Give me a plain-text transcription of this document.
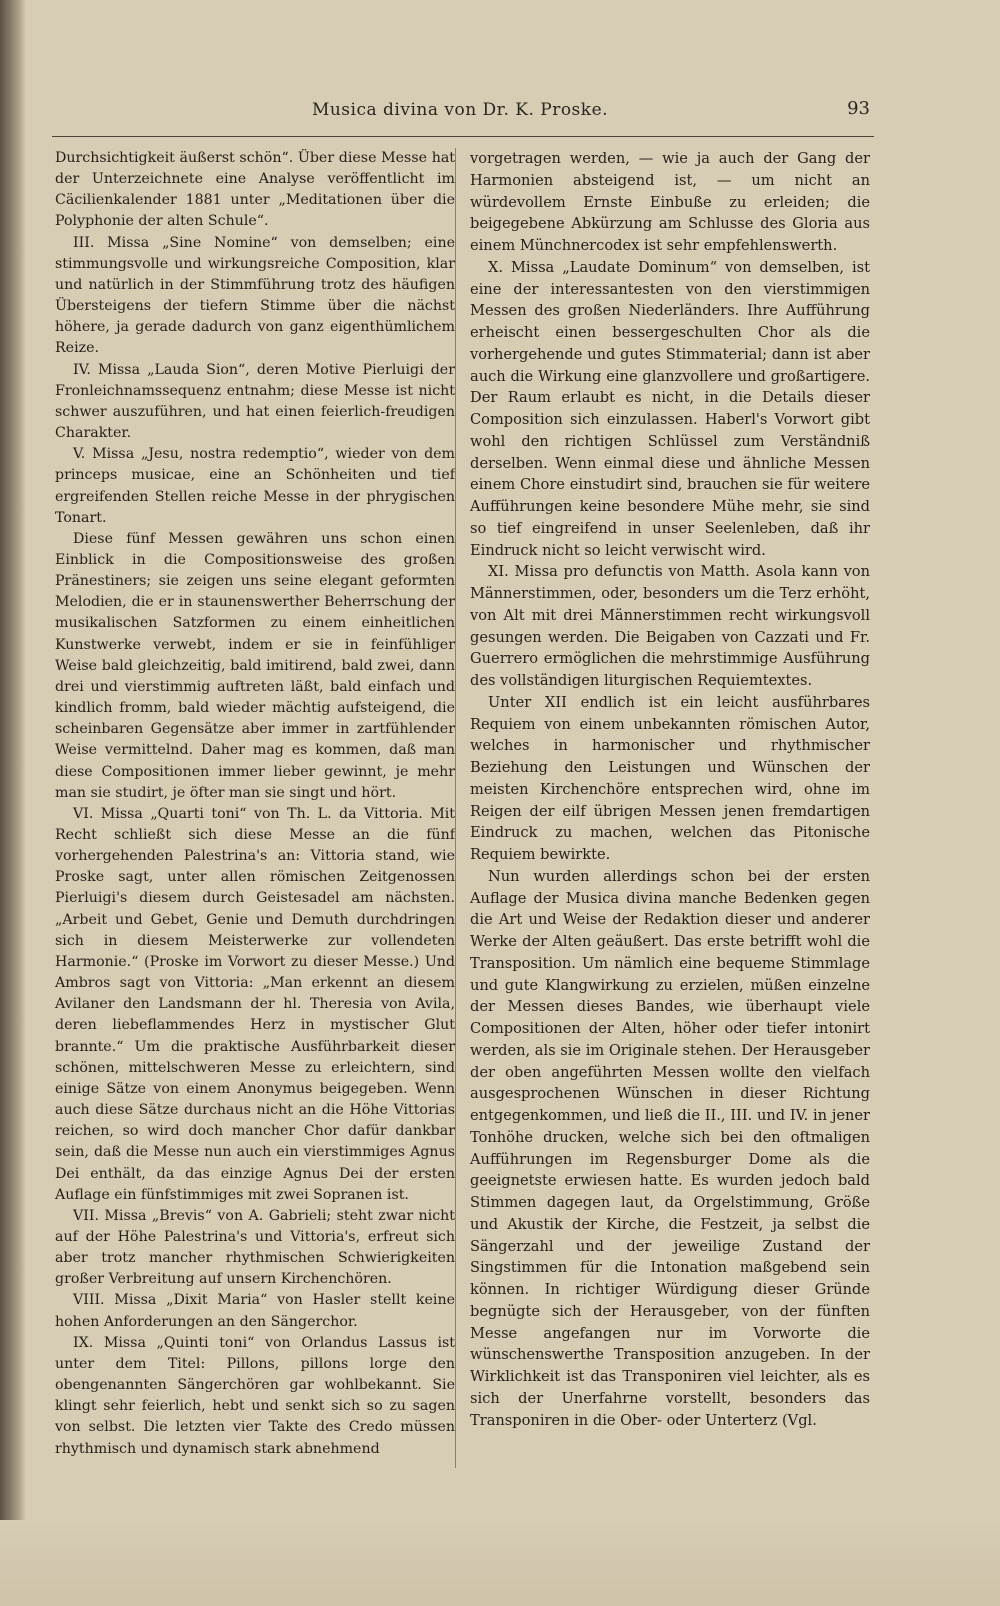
Musica divina von Dr. K. Proske.	93

Durchsichtigkeit äußerst schön“. Über diese Messe hat der Unterzeichnete eine Analyse veröffentlicht im Cäcilienkalender 1881 unter „Meditationen über die Polyphonie der alten Schule“.

III. Missa „Sine Nomine“ von demselben; eine stimmungsvolle und wirkungsreiche Composition, klar und natürlich in der Stimmführung trotz des häufigen Übersteigens der tiefern Stimme über die nächst höhere, ja gerade dadurch von ganz eigenthümlichem Reize.

IV. Missa „Lauda Sion“, deren Motive Pierluigi der Fronleichnamssequenz entnahm; diese Messe ist nicht schwer auszuführen, und hat einen feierlich-freudigen Charakter.

V. Missa „Jesu, nostra redemptio“, wieder von dem princeps musicae, eine an Schönheiten und tief ergreifenden Stellen reiche Messe in der phrygischen Tonart.

Diese fünf Messen gewähren uns schon einen Einblick in die Compositionsweise des großen Pränestiners; sie zeigen uns seine elegant geformten Melodien, die er in staunenswerther Beherrschung der musikalischen Satzformen zu einem einheitlichen Kunstwerke verwebt, indem er sie in feinfühliger Weise bald gleichzeitig, bald imitirend, bald zwei, dann drei und vierstimmig auftreten läßt, bald einfach und kindlich fromm, bald wieder mächtig aufsteigend, die scheinbaren Gegensätze aber immer in zartfühlender Weise vermittelnd. Daher mag es kommen, daß man diese Compositionen immer lieber gewinnt, je mehr man sie studirt, je öfter man sie singt und hört.

VI. Missa „Quarti toni“ von Th. L. da Vittoria. Mit Recht schließt sich diese Messe an die fünf vorhergehenden Palestrina's an: Vittoria stand, wie Proske sagt, unter allen römischen Zeitgenossen Pierluigi's diesem durch Geistesadel am nächsten. „Arbeit und Gebet, Genie und Demuth durchdringen sich in diesem Meisterwerke zur vollendeten Harmonie.“ (Proske im Vorwort zu dieser Messe.) Und Ambros sagt von Vittoria: „Man erkennt an diesem Avilaner den Landsmann der hl. Theresia von Avila, deren liebeflammendes Herz in mystischer Glut brannte.“ Um die praktische Ausführbarkeit dieser schönen, mittelschweren Messe zu erleichtern, sind einige Sätze von einem Anonymus beigegeben. Wenn auch diese Sätze durchaus nicht an die Höhe Vittorias reichen, so wird doch mancher Chor dafür dankbar sein, daß die Messe nun auch ein vierstimmiges Agnus Dei enthält, da das einzige Agnus Dei der ersten Auflage ein fünfstimmiges mit zwei Sopranen ist.

VII. Missa „Brevis“ von A. Gabrieli; steht zwar nicht auf der Höhe Palestrina's und Vittoria's, erfreut sich aber trotz mancher rhythmischen Schwierigkeiten großer Verbreitung auf unsern Kirchenchören.

VIII. Missa „Dixit Maria“ von Hasler stellt keine hohen Anforderungen an den Sängerchor.

IX. Missa „Quinti toni“ von Orlandus Lassus ist unter dem Titel: Pillons, pillons lorge den obengenannten Sängerchören gar wohlbekannt. Sie klingt sehr feierlich, hebt und senkt sich so zu sagen von selbst. Die letzten vier Takte des Credo müssen rhythmisch und dynamisch stark abnehmend

vorgetragen werden, — wie ja auch der Gang der Harmonien absteigend ist, — um nicht an würdevollem Ernste Einbuße zu erleiden; die beigegebene Abkürzung am Schlusse des Gloria aus einem Münchnercodex ist sehr empfehlenswerth.

X. Missa „Laudate Dominum“ von demselben, ist eine der interessantesten von den vierstimmigen Messen des großen Niederländers. Ihre Aufführung erheischt einen bessergeschulten Chor als die vorhergehende und gutes Stimmaterial; dann ist aber auch die Wirkung eine glanzvollere und großartigere. Der Raum erlaubt es nicht, in die Details dieser Composition sich einzulassen. Haberl's Vorwort gibt wohl den richtigen Schlüssel zum Verständniß derselben. Wenn einmal diese und ähnliche Messen einem Chore einstudirt sind, brauchen sie für weitere Aufführungen keine besondere Mühe mehr, sie sind so tief eingreifend in unser Seelenleben, daß ihr Eindruck nicht so leicht verwischt wird.

XI. Missa pro defunctis von Matth. Asola kann von Männerstimmen, oder, besonders um die Terz erhöht, von Alt mit drei Männerstimmen recht wirkungsvoll gesungen werden. Die Beigaben von Cazzati und Fr. Guerrero ermöglichen die mehrstimmige Ausführung des vollständigen liturgischen Requiemtextes.

Unter XII endlich ist ein leicht ausführbares Requiem von einem unbekannten römischen Autor, welches in harmonischer und rhythmischer Beziehung den Leistungen und Wünschen der meisten Kirchenchöre entsprechen wird, ohne im Reigen der eilf übrigen Messen jenen fremdartigen Eindruck zu machen, welchen das Pitonische Requiem bewirkte.

Nun wurden allerdings schon bei der ersten Auflage der Musica divina manche Bedenken gegen die Art und Weise der Redaktion dieser und anderer Werke der Alten geäußert. Das erste betrifft wohl die Transposition. Um nämlich eine bequeme Stimmlage und gute Klangwirkung zu erzielen, müßen einzelne der Messen dieses Bandes, wie überhaupt viele Compositionen der Alten, höher oder tiefer intonirt werden, als sie im Originale stehen. Der Herausgeber der oben angeführten Messen wollte den vielfach ausgesprochenen Wünschen in dieser Richtung entgegenkommen, und ließ die II., III. und IV. in jener Tonhöhe drucken, welche sich bei den oftmaligen Aufführungen im Regensburger Dome als die geeignetste erwiesen hatte. Es wurden jedoch bald Stimmen dagegen laut, da Orgelstimmung, Größe und Akustik der Kirche, die Festzeit, ja selbst die Sängerzahl und der jeweilige Zustand der Singstimmen für die Intonation maßgebend sein können. In richtiger Würdigung dieser Gründe begnügte sich der Herausgeber, von der fünften Messe angefangen nur im Vorworte die wünschenswerthe Transposition anzugeben. In der Wirklichkeit ist das Transponiren viel leichter, als es sich der Unerfahrne vorstellt, besonders das Transponiren in die Ober- oder Unterterz (Vgl.
